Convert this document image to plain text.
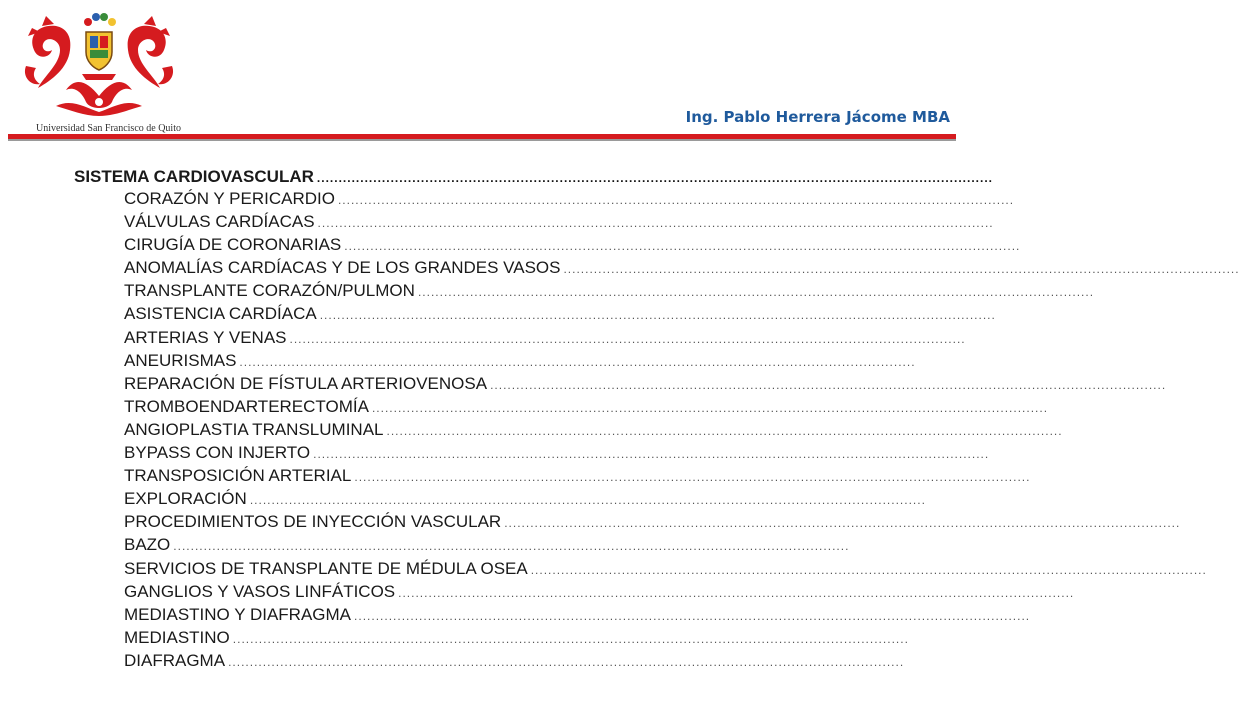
Universidad San Francisco de Quito
Ing. Pablo Herrera Jácome MBA
SISTEMA CARDIOVASCULAR ............................................................................................................................................................
CORAZÓN Y PERICARDIO ............................................................................................................................................................
VÁLVULAS CARDÍACAS ............................................................................................................................................................
CIRUGÍA DE CORONARIAS ............................................................................................................................................................
ANOMALÍAS CARDÍACAS Y DE LOS GRANDES VASOS ............................................................................................................................................................
TRANSPLANTE CORAZÓN/PULMON ............................................................................................................................................................
ASISTENCIA CARDÍACA ............................................................................................................................................................
ARTERIAS Y VENAS ............................................................................................................................................................
ANEURISMAS ............................................................................................................................................................
REPARACIÓN DE FÍSTULA ARTERIOVENOSA ............................................................................................................................................................
TROMBOENDARTERECTOMÍA ............................................................................................................................................................
ANGIOPLASTIA TRANSLUMINAL ............................................................................................................................................................
BYPASS CON INJERTO ............................................................................................................................................................
TRANSPOSICIÓN ARTERIAL ............................................................................................................................................................
EXPLORACIÓN ............................................................................................................................................................
PROCEDIMIENTOS DE INYECCIÓN VASCULAR ............................................................................................................................................................
BAZO ............................................................................................................................................................
SERVICIOS DE TRANSPLANTE DE MÉDULA OSEA ............................................................................................................................................................
GANGLIOS Y VASOS LINFÁTICOS ............................................................................................................................................................
MEDIASTINO Y DIAFRAGMA ............................................................................................................................................................
MEDIASTINO ............................................................................................................................................................
DIAFRAGMA ............................................................................................................................................................
